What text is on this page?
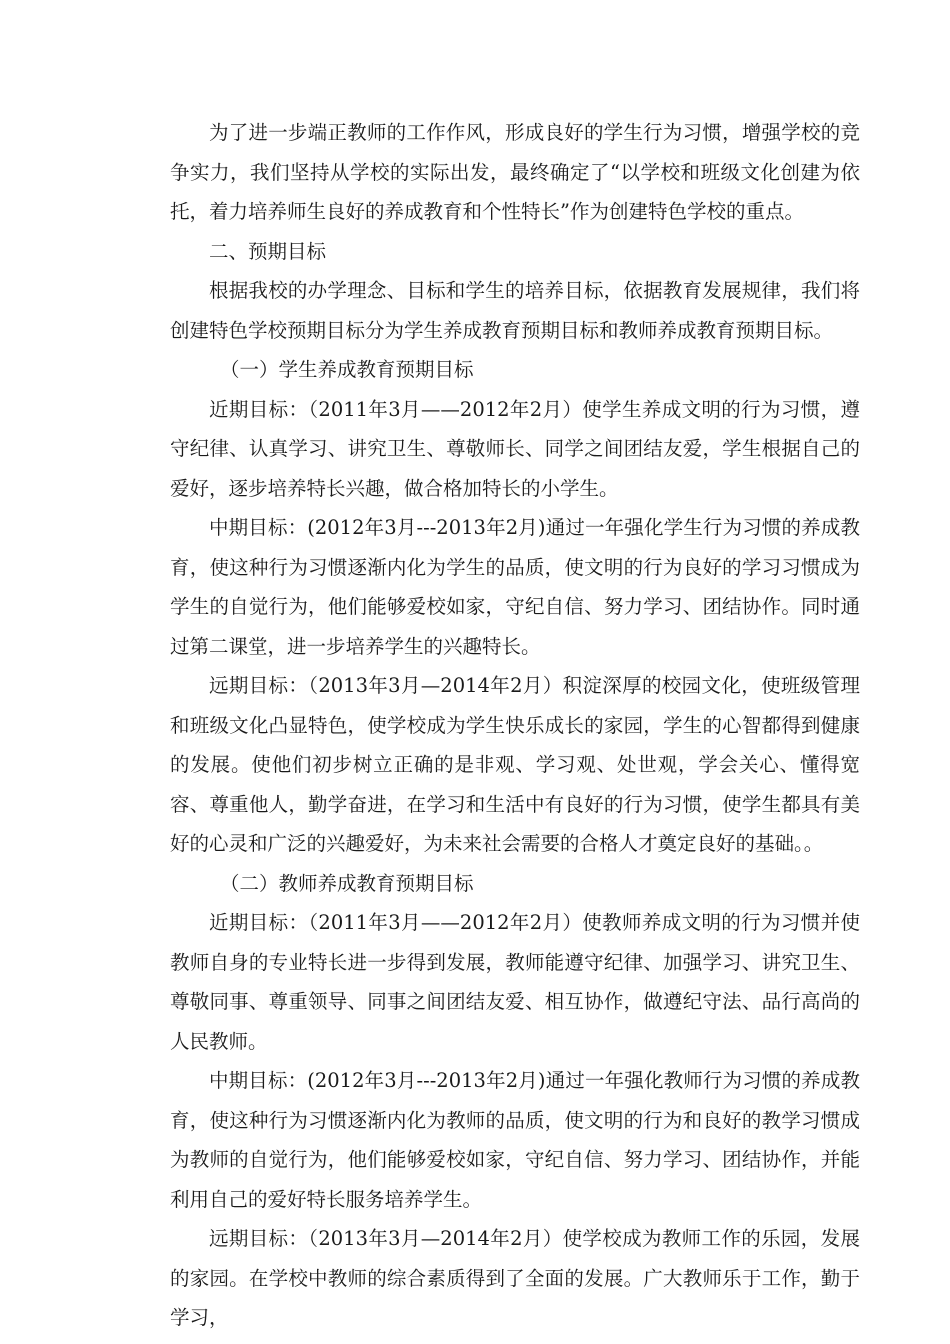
为了进一步端正教师的工作作风，形成良好的学生行为习惯，增强学校的竞争实力，我们坚持从学校的实际出发，最终确定了“以学校和班级文化创建为依托，着力培养师生良好的养成教育和个性特长”作为创建特色学校的重点。

二、预期目标

根据我校的办学理念、目标和学生的培养目标，依据教育发展规律，我们将创建特色学校预期目标分为学生养成教育预期目标和教师养成教育预期目标。

（一）学生养成教育预期目标

近期目标：（2011年3月——2012年2月）使学生养成文明的行为习惯，遵守纪律、认真学习、讲究卫生、尊敬师长、同学之间团结友爱，学生根据自己的爱好，逐步培养特长兴趣，做合格加特长的小学生。

中期目标：(2012年3月---2013年2月)通过一年强化学生行为习惯的养成教育，使这种行为习惯逐渐内化为学生的品质，使文明的行为良好的学习习惯成为学生的自觉行为，他们能够爱校如家，守纪自信、努力学习、团结协作。同时通过第二课堂，进一步培养学生的兴趣特长。

远期目标：（2013年3月—2014年2月）积淀深厚的校园文化，使班级管理和班级文化凸显特色，使学校成为学生快乐成长的家园，学生的心智都得到健康的发展。使他们初步树立正确的是非观、学习观、处世观，学会关心、懂得宽容、尊重他人，勤学奋进，在学习和生活中有良好的行为习惯，使学生都具有美好的心灵和广泛的兴趣爱好，为未来社会需要的合格人才奠定良好的基础。。

（二）教师养成教育预期目标

近期目标：（2011年3月——2012年2月）使教师养成文明的行为习惯并使教师自身的专业特长进一步得到发展，教师能遵守纪律、加强学习、讲究卫生、尊敬同事、尊重领导、同事之间团结友爱、相互协作，做遵纪守法、品行高尚的人民教师。

中期目标：(2012年3月---2013年2月)通过一年强化教师行为习惯的养成教育，使这种行为习惯逐渐内化为教师的品质，使文明的行为和良好的教学习惯成为教师的自觉行为，他们能够爱校如家，守纪自信、努力学习、团结协作，并能利用自己的爱好特长服务培养学生。

远期目标：（2013年3月—2014年2月）使学校成为教师工作的乐园，发展的家园。在学校中教师的综合素质得到了全面的发展。广大教师乐于工作，勤于学习，
